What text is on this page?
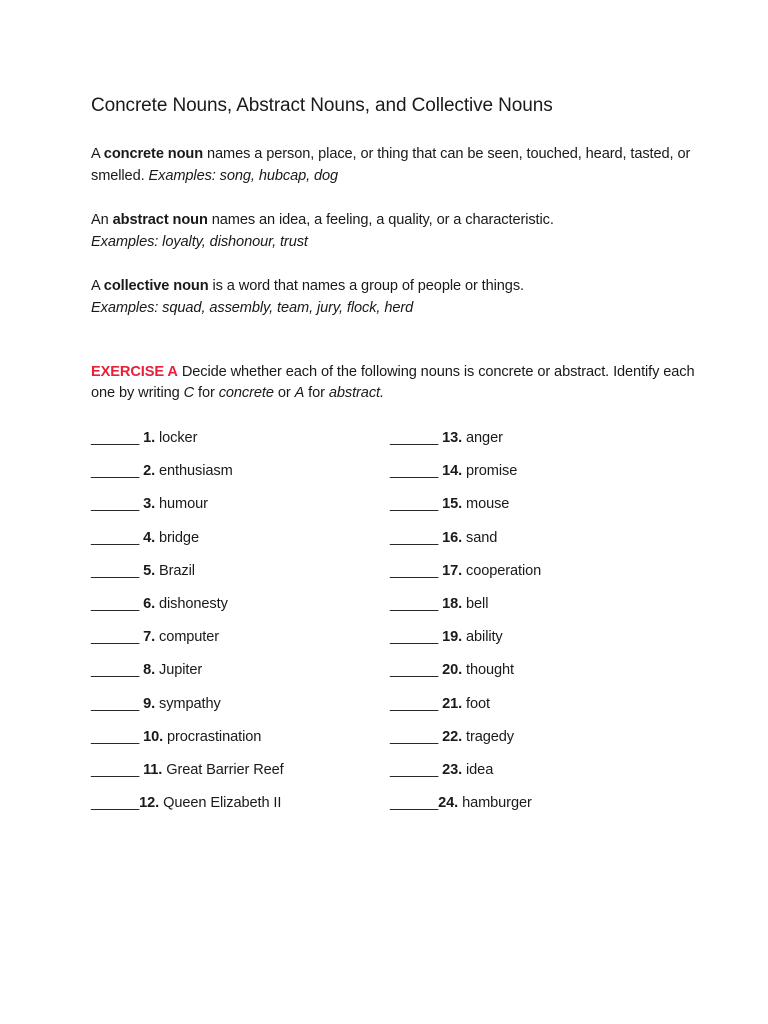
Concrete Nouns, Abstract Nouns, and Collective Nouns

A concrete noun names a person, place, or thing that can be seen, touched, heard, tasted, or smelled. Examples: song, hubcap, dog

An abstract noun names an idea, a feeling, a quality, or a characteristic.
Examples: loyalty, dishonour, trust

A collective noun is a word that names a group of people or things.
Examples: squad, assembly, team, jury, flock, herd

EXERCISE A Decide whether each of the following nouns is concrete or abstract. Identify each one by writing C for concrete or A for abstract.
______ 1. locker
______ 2. enthusiasm
______ 3. humour
______ 4. bridge
______ 5. Brazil
______ 6. dishonesty
______ 7. computer
______ 8. Jupiter
______ 9. sympathy
______ 10. procrastination
______ 11. Great Barrier Reef
______12. Queen Elizabeth II
______ 13. anger
______ 14. promise
______ 15. mouse
______ 16. sand
______ 17. cooperation
______ 18. bell
______ 19. ability
______ 20. thought
______ 21. foot
______ 22. tragedy
______ 23. idea
______24. hamburger
